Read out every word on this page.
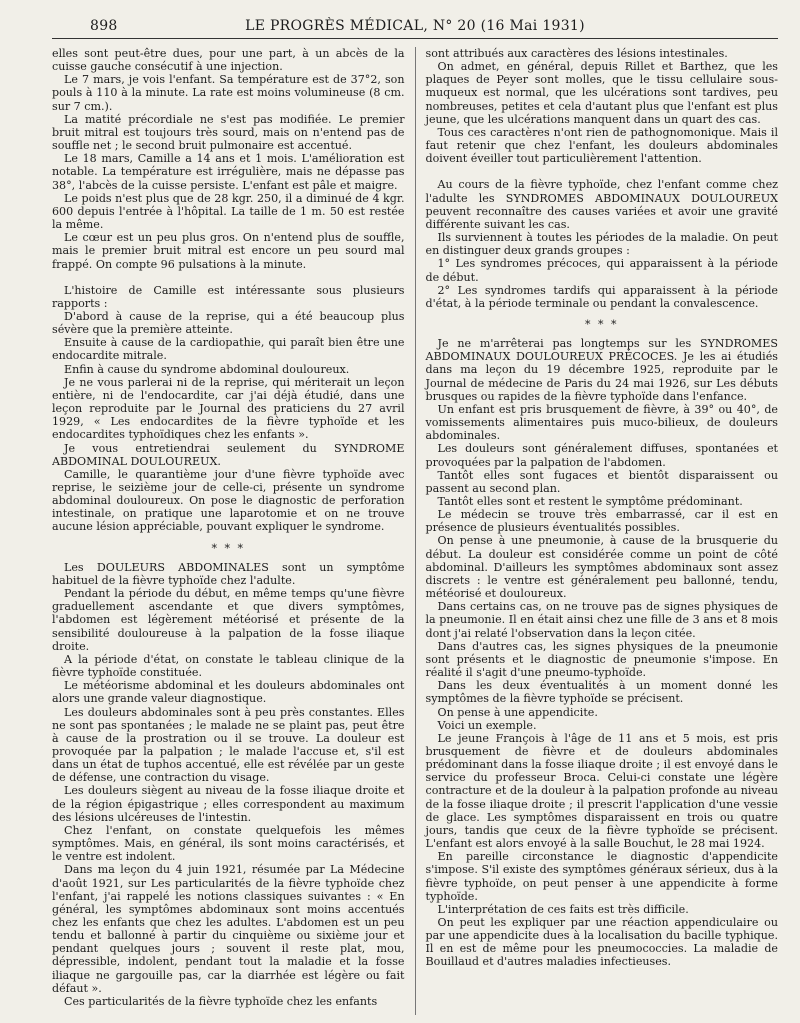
898	LE PROGRÈS MÉDICAL, N° 20 (16 Mai 1931)

elles sont peut-être dues, pour une part, à un abcès de la cuisse gauche consécutif à une injection.

Le 7 mars, je vois l'enfant. Sa température est de 37°2, son pouls à 110 à la minute. La rate est moins volumineuse (8 cm. sur 7 cm.).

La matité précordiale ne s'est pas modifiée. Le premier bruit mitral est toujours très sourd, mais on n'entend pas de souffle net ; le second bruit pulmonaire est accentué.

Le 18 mars, Camille a 14 ans et 1 mois. L'amélioration est notable. La température est irrégulière, mais ne dépasse pas 38°, l'abcès de la cuisse persiste. L'enfant est pâle et maigre.

Le poids n'est plus que de 28 kgr. 250, il a diminué de 4 kgr. 600 depuis l'entrée à l'hôpital. La taille de 1 m. 50 est restée la même.

Le cœur est un peu plus gros. On n'entend plus de souffle, mais le premier bruit mitral est encore un peu sourd mal frappé. On compte 96 pulsations à la minute.

L'histoire de Camille est intéressante sous plusieurs rapports :

D'abord à cause de la reprise, qui a été beaucoup plus sévère que la première atteinte.

Ensuite à cause de la cardiopathie, qui paraît bien être une endocardite mitrale.

Enfin à cause du syndrome abdominal douloureux.

Je ne vous parlerai ni de la reprise, qui mériterait un leçon entière, ni de l'endocardite, car j'ai déjà étudié, dans une leçon reproduite par le Journal des praticiens du 27 avril 1929, « Les endocardites de la fièvre typhoïde et les endocardites typhoïdiques chez les enfants ».

Je vous entretiendrai seulement du SYNDROME ABDOMINAL DOULOUREUX.

Camille, le quarantième jour d'une fièvre typhoïde avec reprise, le seizième jour de celle-ci, présente un syndrome abdominal douloureux. On pose le diagnostic de perforation intestinale, on pratique une laparotomie et on ne trouve aucune lésion appréciable, pouvant expliquer le syndrome.

* * *

Les DOULEURS ABDOMINALES sont un symptôme habituel de la fièvre typhoïde chez l'adulte.

Pendant la période du début, en même temps qu'une fièvre graduellement ascendante et que divers symptômes, l'abdomen est légèrement météorisé et présente de la sensibilité douloureuse à la palpation de la fosse iliaque droite.

A la période d'état, on constate le tableau clinique de la fièvre typhoïde constituée.

Le météorisme abdominal et les douleurs abdominales ont alors une grande valeur diagnostique.

Les douleurs abdominales sont à peu près constantes. Elles ne sont pas spontanées ; le malade ne se plaint pas, peut être à cause de la prostration ou il se trouve. La douleur est provoquée par la palpation ; le malade l'accuse et, s'il est dans un état de tuphos accentué, elle est révélée par un geste de défense, une contraction du visage.

Les douleurs siègent au niveau de la fosse iliaque droite et de la région épigastrique ; elles correspondent au maximum des lésions ulcéreuses de l'intestin.

Chez l'enfant, on constate quelquefois les mêmes symptômes. Mais, en général, ils sont moins caractérisés, et le ventre est indolent.

Dans ma leçon du 4 juin 1921, résumée par La Médecine d'août 1921, sur Les particularités de la fièvre typhoïde chez l'enfant, j'ai rappelé les notions classiques suivantes : « En général, les symptômes abdominaux sont moins accentués chez les enfants que chez les adultes. L'abdomen est un peu tendu et ballonné à partir du cinquième ou sixième jour et pendant quelques jours ; souvent il reste plat, mou, dépressible, indolent, pendant tout la maladie et la fosse iliaque ne gargouille pas, car la diarrhée est légère ou fait défaut ».

Ces particularités de la fièvre typhoïde chez les enfants

sont attribués aux caractères des lésions intestinales.

On admet, en général, depuis Rillet et Barthez, que les plaques de Peyer sont molles, que le tissu cellulaire sous-muqueux est normal, que les ulcérations sont tardives, peu nombreuses, petites et cela d'autant plus que l'enfant est plus jeune, que les ulcérations manquent dans un quart des cas.

Tous ces caractères n'ont rien de pathognomonique. Mais il faut retenir que chez l'enfant, les douleurs abdominales doivent éveiller tout particulièrement l'attention.

Au cours de la fièvre typhoïde, chez l'enfant comme chez l'adulte les SYNDROMES ABDOMINAUX DOULOUREUX peuvent reconnaître des causes variées et avoir une gravité différente suivant les cas.

Ils surviennent à toutes les périodes de la maladie. On peut en distinguer deux grands groupes :

1° Les syndromes précoces, qui apparaissent à la période de début.

2° Les syndromes tardifs qui apparaissent à la période d'état, à la période terminale ou pendant la convalescence.

* * *

Je ne m'arrêterai pas longtemps sur les SYNDROMES ABDOMINAUX DOULOUREUX PRÉCOCES. Je les ai étudiés dans ma leçon du 19 décembre 1925, reproduite par le Journal de médecine de Paris du 24 mai 1926, sur Les débuts brusques ou rapides de la fièvre typhoïde dans l'enfance.

Un enfant est pris brusquement de fièvre, à 39° ou 40°, de vomissements alimentaires puis muco-bilieux, de douleurs abdominales.

Les douleurs sont généralement diffuses, spontanées et provoquées par la palpation de l'abdomen.

Tantôt elles sont fugaces et bientôt disparaissent ou passent au second plan.

Tantôt elles sont et restent le symptôme prédominant.

Le médecin se trouve très embarrassé, car il est en présence de plusieurs éventualités possibles.

On pense à une pneumonie, à cause de la brusquerie du début. La douleur est considérée comme un point de côté abdominal. D'ailleurs les symptômes abdominaux sont assez discrets : le ventre est généralement peu ballonné, tendu, météorisé et douloureux.

Dans certains cas, on ne trouve pas de signes physiques de la pneumonie. Il en était ainsi chez une fille de 3 ans et 8 mois dont j'ai relaté l'observation dans la leçon citée.

Dans d'autres cas, les signes physiques de la pneumonie sont présents et le diagnostic de pneumonie s'impose. En réalité il s'agit d'une pneumo-typhoïde.

Dans les deux éventualités à un moment donné les symptômes de la fièvre typhoïde se précisent.

On pense à une appendicite.

Voici un exemple.

Le jeune François à l'âge de 11 ans et 5 mois, est pris brusquement de fièvre et de douleurs abdominales prédominant dans la fosse iliaque droite ; il est envoyé dans le service du professeur Broca. Celui-ci constate une légère contracture et de la douleur à la palpation profonde au niveau de la fosse iliaque droite ; il prescrit l'application d'une vessie de glace. Les symptômes disparaissent en trois ou quatre jours, tandis que ceux de la fièvre typhoïde se précisent. L'enfant est alors envoyé à la salle Bouchut, le 28 mai 1924.

En pareille circonstance le diagnostic d'appendicite s'impose. S'il existe des symptômes généraux sérieux, dus à la fièvre typhoïde, on peut penser à une appendicite à forme typhoïde.

L'interprétation de ces faits est très difficile.

On peut les expliquer par une réaction appendiculaire ou par une appendicite dues à la localisation du bacille typhique. Il en est de même pour les pneumococcies. La maladie de Bouillaud et d'autres maladies infectieuses.
